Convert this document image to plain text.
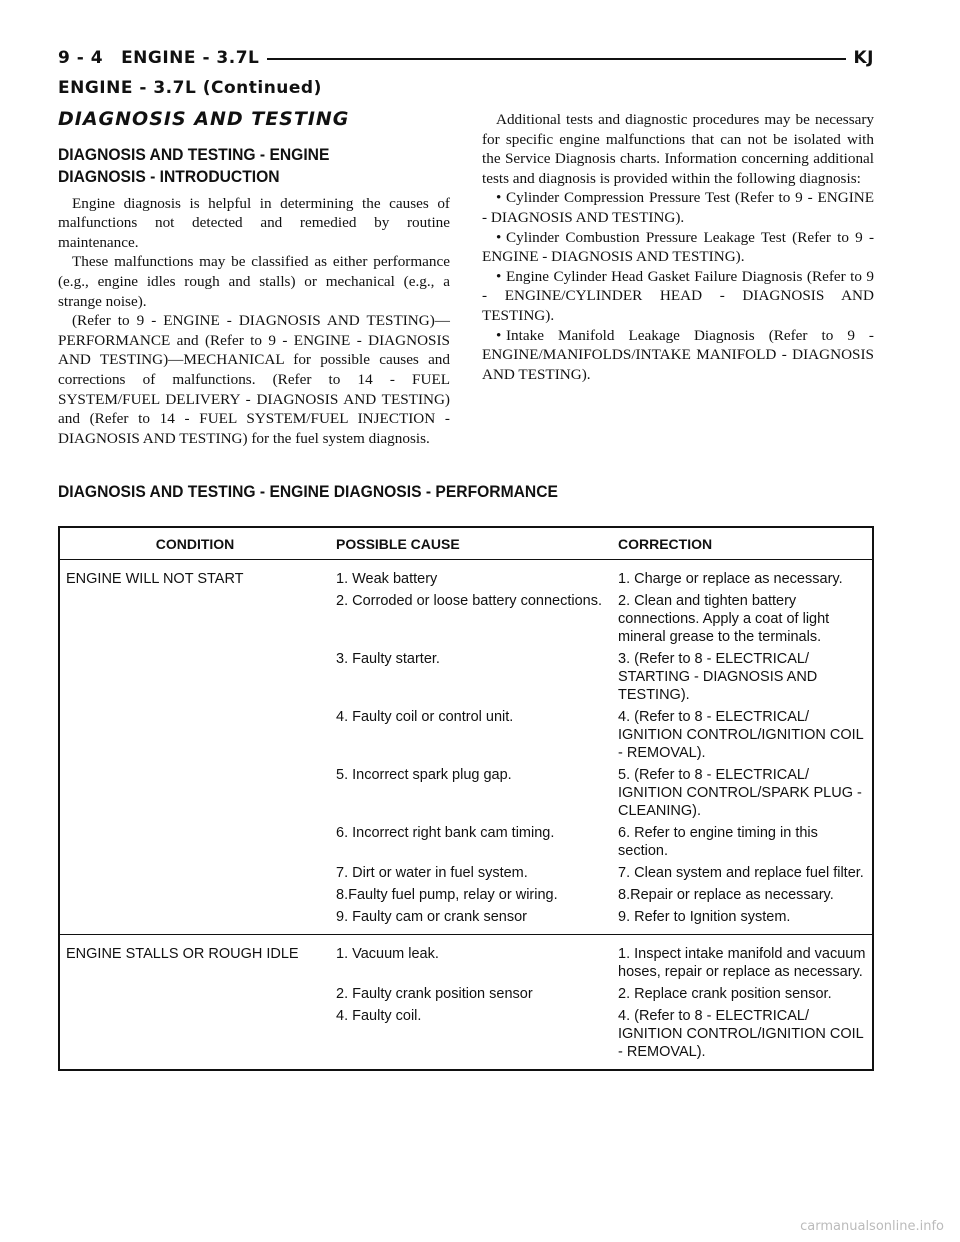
9 - 4 ENGINE - 3.7L	KJ
ENGINE - 3.7L (Continued)
DIAGNOSIS AND TESTING
DIAGNOSIS AND TESTING - ENGINE
DIAGNOSIS - INTRODUCTION

Engine diagnosis is helpful in determining the causes of malfunctions not detected and remedied by routine maintenance.

These malfunctions may be classified as either performance (e.g., engine idles rough and stalls) or mechanical (e.g., a strange noise).

(Refer to 9 - ENGINE - DIAGNOSIS AND TESTING)—PERFORMANCE and (Refer to 9 - ENGINE - DIAGNOSIS AND TESTING)—MECHANICAL for possible causes and corrections of malfunctions. (Refer to 14 - FUEL SYSTEM/FUEL DELIVERY - DIAGNOSIS AND TESTING) and (Refer to 14 - FUEL SYSTEM/FUEL INJECTION - DIAGNOSIS AND TESTING) for the fuel system diagnosis.

Additional tests and diagnostic procedures may be necessary for specific engine malfunctions that can not be isolated with the Service Diagnosis charts. Information concerning additional tests and diagnosis is provided within the following diagnosis:

• Cylinder Compression Pressure Test (Refer to 9 - ENGINE - DIAGNOSIS AND TESTING).

• Cylinder Combustion Pressure Leakage Test (Refer to 9 - ENGINE - DIAGNOSIS AND TESTING).

• Engine Cylinder Head Gasket Failure Diagnosis (Refer to 9 - ENGINE/CYLINDER HEAD - DIAGNOSIS AND TESTING).

• Intake Manifold Leakage Diagnosis (Refer to 9 - ENGINE/MANIFOLDS/INTAKE MANIFOLD - DIAGNOSIS AND TESTING).

DIAGNOSIS AND TESTING - ENGINE DIAGNOSIS - PERFORMANCE
CONDITION	POSSIBLE CAUSE	CORRECTION
ENGINE WILL NOT START	1. Weak battery	1. Charge or replace as necessary.
	2. Corroded or loose battery connections.	2. Clean and tighten battery connections. Apply a coat of light mineral grease to the terminals.
	3. Faulty starter.	3. (Refer to 8 - ELECTRICAL/ STARTING - DIAGNOSIS AND TESTING).
	4. Faulty coil or control unit.	4. (Refer to 8 - ELECTRICAL/ IGNITION CONTROL/IGNITION COIL - REMOVAL).
	5. Incorrect spark plug gap.	5. (Refer to 8 - ELECTRICAL/ IGNITION CONTROL/SPARK PLUG - CLEANING).
	6. Incorrect right bank cam timing.	6. Refer to engine timing in this section.
	7. Dirt or water in fuel system.	7. Clean system and replace fuel filter.
	8.Faulty fuel pump, relay or wiring.	8.Repair or replace as necessary.
	9. Faulty cam or crank sensor	9. Refer to Ignition system.
ENGINE STALLS OR ROUGH IDLE	1. Vacuum leak.	1. Inspect intake manifold and vacuum hoses, repair or replace as necessary.
	2. Faulty crank position sensor	2. Replace crank position sensor.
	4. Faulty coil.	4. (Refer to 8 - ELECTRICAL/ IGNITION CONTROL/IGNITION COIL - REMOVAL).
carmanualsonline.info
